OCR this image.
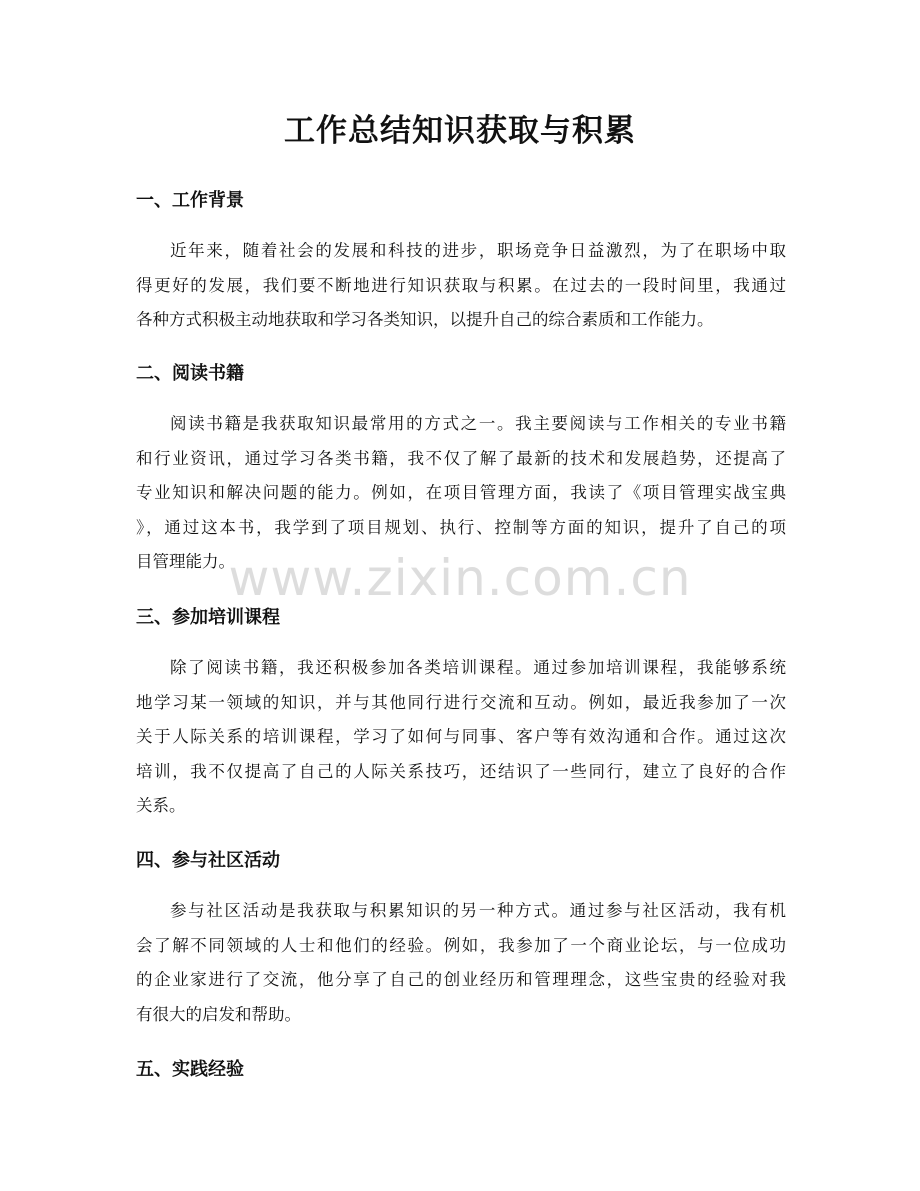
工作总结知识获取与积累
一、工作背景
近年来，随着社会的发展和科技的进步，职场竞争日益激烈，为了在职场中取
得更好的发展，我们要不断地进行知识获取与积累。在过去的一段时间里，我通过
各种方式积极主动地获取和学习各类知识，以提升自己的综合素质和工作能力。
二、阅读书籍
阅读书籍是我获取知识最常用的方式之一。我主要阅读与工作相关的专业书籍
和行业资讯，通过学习各类书籍，我不仅了解了最新的技术和发展趋势，还提高了
专业知识和解决问题的能力。例如，在项目管理方面，我读了《项目管理实战宝典
》，通过这本书，我学到了项目规划、执行、控制等方面的知识，提升了自己的项
目管理能力。
三、参加培训课程
除了阅读书籍，我还积极参加各类培训课程。通过参加培训课程，我能够系统
地学习某一领域的知识，并与其他同行进行交流和互动。例如，最近我参加了一次
关于人际关系的培训课程，学习了如何与同事、客户等有效沟通和合作。通过这次
培训，我不仅提高了自己的人际关系技巧，还结识了一些同行，建立了良好的合作
关系。
四、参与社区活动
参与社区活动是我获取与积累知识的另一种方式。通过参与社区活动，我有机
会了解不同领域的人士和他们的经验。例如，我参加了一个商业论坛，与一位成功
的企业家进行了交流，他分享了自己的创业经历和管理理念，这些宝贵的经验对我
有很大的启发和帮助。
五、实践经验
www.zixin.com.cn
